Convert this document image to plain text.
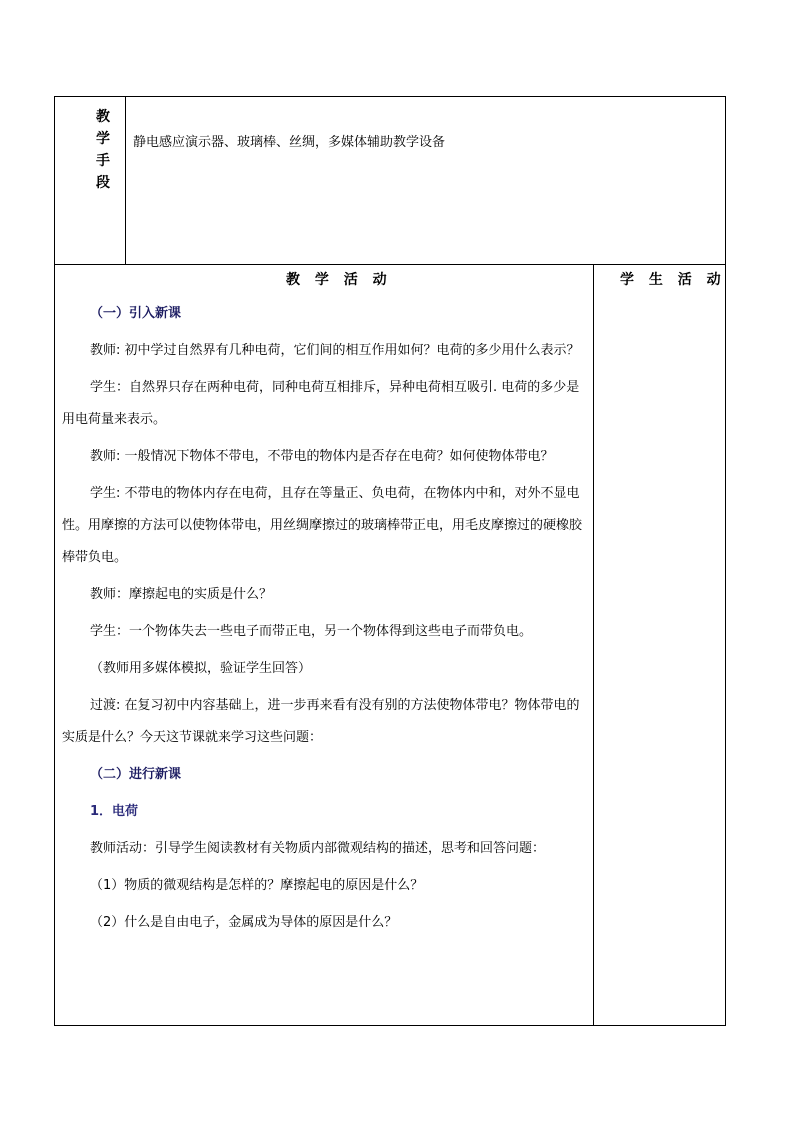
教
学
手
段
静电感应演示器、玻璃棒、丝绸，多媒体辅助教学设备
教 学 活 动	学 生 活 动

（一）引入新课

教师: 初中学过自然界有几种电荷，它们间的相互作用如何？电荷的多少用什么表示？

学生：自然界只存在两种电荷，同种电荷互相排斥，异种电荷相互吸引. 电荷的多少是用电荷量来表示。

教师: 一般情况下物体不带电，不带电的物体内是否存在电荷？如何使物体带电？

学生: 不带电的物体内存在电荷，且存在等量正、负电荷，在物体内中和，对外不显电性。用摩擦的方法可以使物体带电，用丝绸摩擦过的玻璃棒带正电，用毛皮摩擦过的硬橡胶棒带负电。

教师：摩擦起电的实质是什么？

学生：一个物体失去一些电子而带正电，另一个物体得到这些电子而带负电。

（教师用多媒体模拟，验证学生回答）

过渡: 在复习初中内容基础上，进一步再来看有没有别的方法使物体带电？物体带电的实质是什么？今天这节课就来学习这些问题：

（二）进行新课

1．电荷

教师活动：引导学生阅读教材有关物质内部微观结构的描述，思考和回答问题：

（1）物质的微观结构是怎样的？摩擦起电的原因是什么？

（2）什么是自由电子，金属成为导体的原因是什么？
